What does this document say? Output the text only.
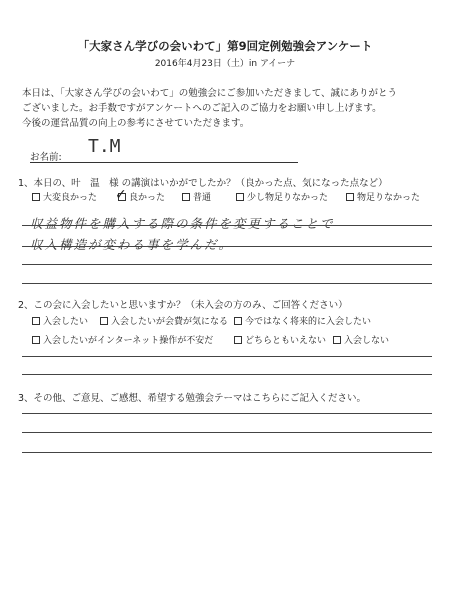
「大家さん学びの会いわて」第9回定例勉強会アンケート
2016年4月23日（土）in アイーナ
本日は、「大家さん学びの会いわて」の勉強会にご参加いただきまして、誠にありがとう
ございました。お手数ですがアンケートへのご記入のご協力をお願い申し上げます。
今後の運営品質の向上の参考にさせていただきます。
お名前:
T.M
1、本日の、叶　温　様 の講演はいかがでしたか？（良かった点、気になった点など）
大変良かった ✓ 良かった	普通	少し物足りなかった	物足りなかった
収益物件を購入する際の条件を変更することで
収入構造が変わる事を学んだ。
2、この会に入会したいと思いますか？（未入会の方のみ、ご回答ください）
入会したい	入会したいが会費が気になる 今ではなく将来的に入会したい
入会したいがインターネット操作が不安だ	どちらともいえない 入会しない
3、その他、ご意見、ご感想、希望する勉強会テーマはこちらにご記入ください。
